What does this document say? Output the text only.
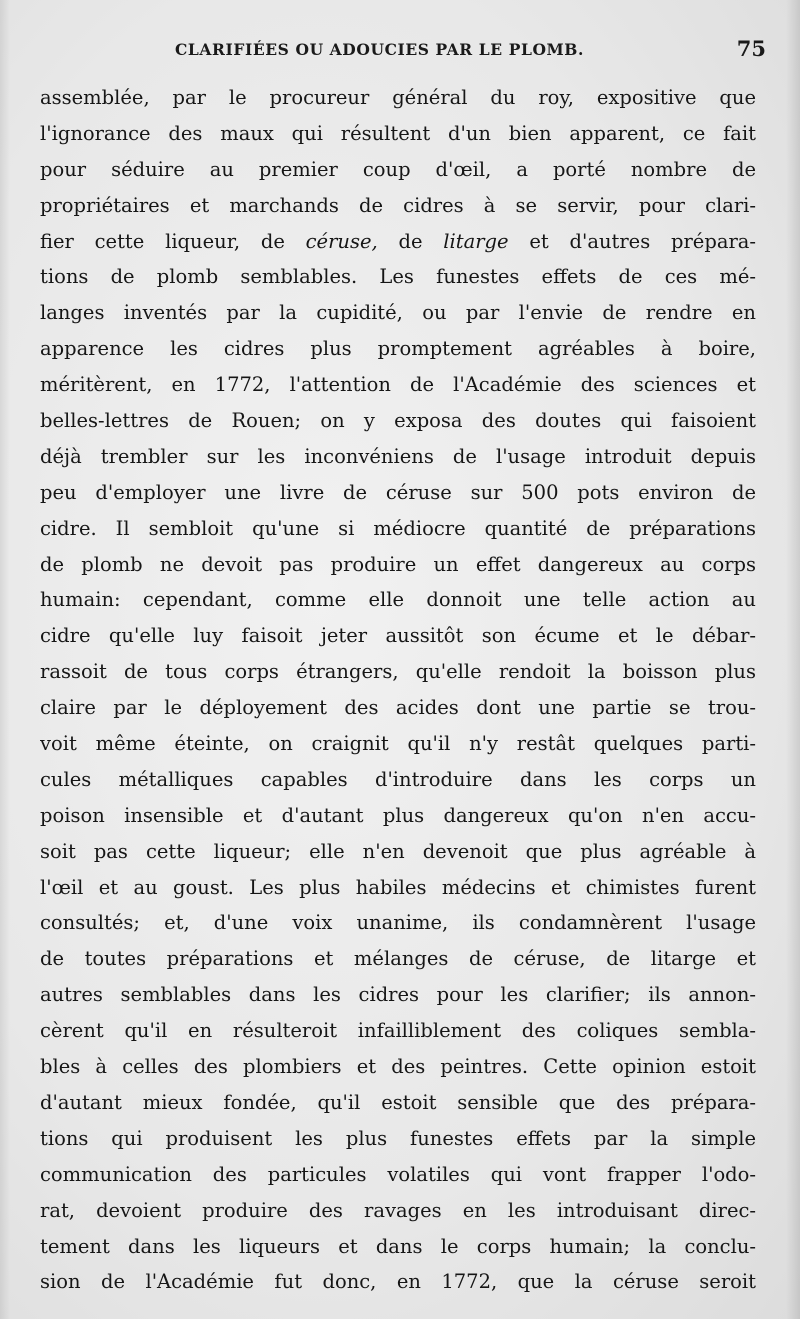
CLARIFIÉES OU ADOUCIES PAR LE PLOMB.	75
assemblée, par le procureur général du roy, expositive que
l'ignorance des maux qui résultent d'un bien apparent, ce fait
pour séduire au premier coup d'œil, a porté nombre de
propriétaires et marchands de cidres à se servir, pour clari-
fier cette liqueur, de céruse, de litarge et d'autres prépara-
tions de plomb semblables. Les funestes effets de ces mé-
langes inventés par la cupidité, ou par l'envie de rendre en
apparence les cidres plus promptement agréables à boire,
méritèrent, en 1772, l'attention de l'Académie des sciences et
belles-lettres de Rouen; on y exposa des doutes qui faisoient
déjà trembler sur les inconvéniens de l'usage introduit depuis
peu d'employer une livre de céruse sur 500 pots environ de
cidre. Il sembloit qu'une si médiocre quantité de préparations
de plomb ne devoit pas produire un effet dangereux au corps
humain: cependant, comme elle donnoit une telle action au
cidre qu'elle luy faisoit jeter aussitôt son écume et le débar-
rassoit de tous corps étrangers, qu'elle rendoit la boisson plus
claire par le déployement des acides dont une partie se trou-
voit même éteinte, on craignit qu'il n'y restât quelques parti-
cules métalliques capables d'introduire dans les corps un
poison insensible et d'autant plus dangereux qu'on n'en accu-
soit pas cette liqueur; elle n'en devenoit que plus agréable à
l'œil et au goust. Les plus habiles médecins et chimistes furent
consultés; et, d'une voix unanime, ils condamnèrent l'usage
de toutes préparations et mélanges de céruse, de litarge et
autres semblables dans les cidres pour les clarifier; ils annon-
cèrent qu'il en résulteroit infailliblement des coliques sembla-
bles à celles des plombiers et des peintres. Cette opinion estoit
d'autant mieux fondée, qu'il estoit sensible que des prépara-
tions qui produisent les plus funestes effets par la simple
communication des particules volatiles qui vont frapper l'odo-
rat, devoient produire des ravages en les introduisant direc-
tement dans les liqueurs et dans le corps humain; la conclu-
sion de l'Académie fut donc, en 1772, que la céruse seroit
